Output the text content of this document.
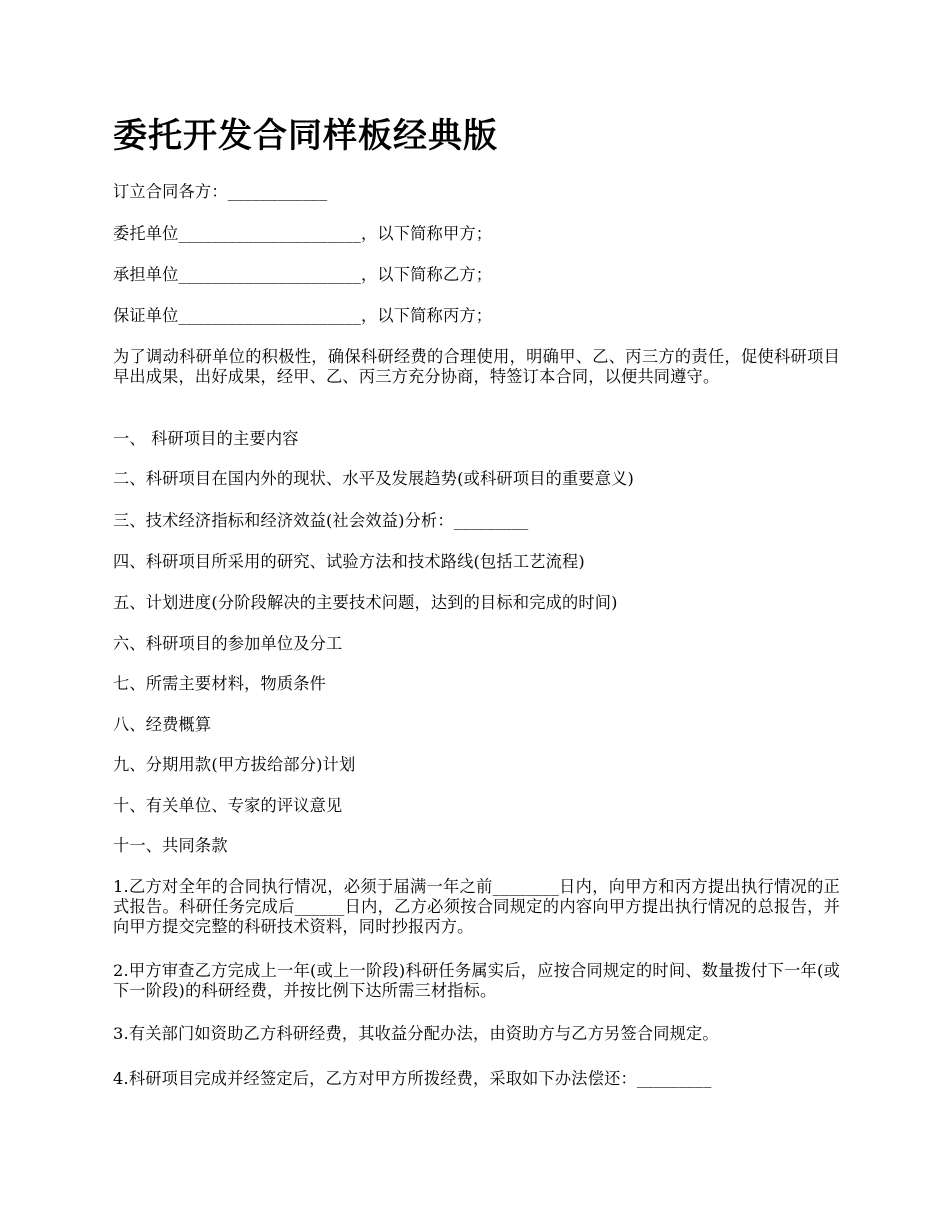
委托开发合同样板经典版

订立合同各方：____________

委托单位______________________，以下简称甲方；

承担单位______________________，以下简称乙方；

保证单位______________________，以下简称丙方；

为了调动科研单位的积极性，确保科研经费的合理使用，明确甲、乙、丙三方的责任，促使科研项目早出成果，出好成果，经甲、乙、丙三方充分协商，特签订本合同，以便共同遵守。

一、 科研项目的主要内容

二、科研项目在国内外的现状、水平及发展趋势(或科研项目的重要意义)

三、技术经济指标和经济效益(社会效益)分析：_________

四、科研项目所采用的研究、试验方法和技术路线(包括工艺流程)

五、计划进度(分阶段解决的主要技术问题，达到的目标和完成的时间)

六、科研项目的参加单位及分工

七、所需主要材料，物质条件

八、经费概算

九、分期用款(甲方拔给部分)计划

十、有关单位、专家的评议意见

十一、共同条款

1.乙方对全年的合同执行情况，必须于届满一年之前________日内，向甲方和丙方提出执行情况的正式报告。科研任务完成后______日内，乙方必须按合同规定的内容向甲方提出执行情况的总报告，并向甲方提交完整的科研技术资料，同时抄报丙方。

2.甲方审查乙方完成上一年(或上一阶段)科研任务属实后，应按合同规定的时间、数量拨付下一年(或下一阶段)的科研经费，并按比例下达所需三材指标。

3.有关部门如资助乙方科研经费，其收益分配办法，由资助方与乙方另签合同规定。

4.科研项目完成并经签定后，乙方对甲方所拨经费，采取如下办法偿还：_________
